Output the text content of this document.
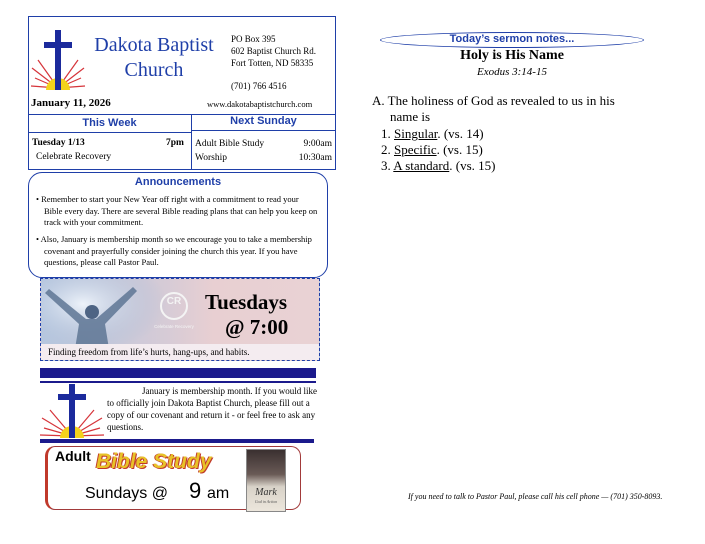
Dakota Baptist Church
PO Box 395
602 Baptist Church Rd.
Fort Totten, ND 58335
(701) 766 4516
January 11, 2026	www.dakotabaptistchurch.com
This Week	Next Sunday
Tuesday 1/13	7pm
Celebrate Recovery
Adult Bible Study	9:00am
Worship	10:30am
Announcements
• Remember to start your New Year off right with a commitment to read your Bible every day. There are several Bible reading plans that can help you keep on track with your commitment.
• Also, January is membership month so we encourage you to take a membership covenant and prayerfully consider joining the church this year. If you have questions, please call Pastor Paul.
CR
Celebrate Recovery
Tuesdays
@ 7:00
Finding freedom from life’s hurts, hang-ups, and habits.
January is membership month. If you would like to officially join Dakota Baptist Church, please fill out a copy of our covenant and return it - or feel free to ask any questions.
Adult Bible Study
Sundays @ 9 am	Mark
God in Action
Today’s sermon notes...
Holy is His Name
Exodus 3:14-15
A. The holiness of God as revealed to us in his
name is
1. Singular. (vs. 14)
2. Specific. (vs. 15)
3. A standard. (vs. 15)
If you need to talk to Pastor Paul, please call his cell phone — (701) 350-8093.
